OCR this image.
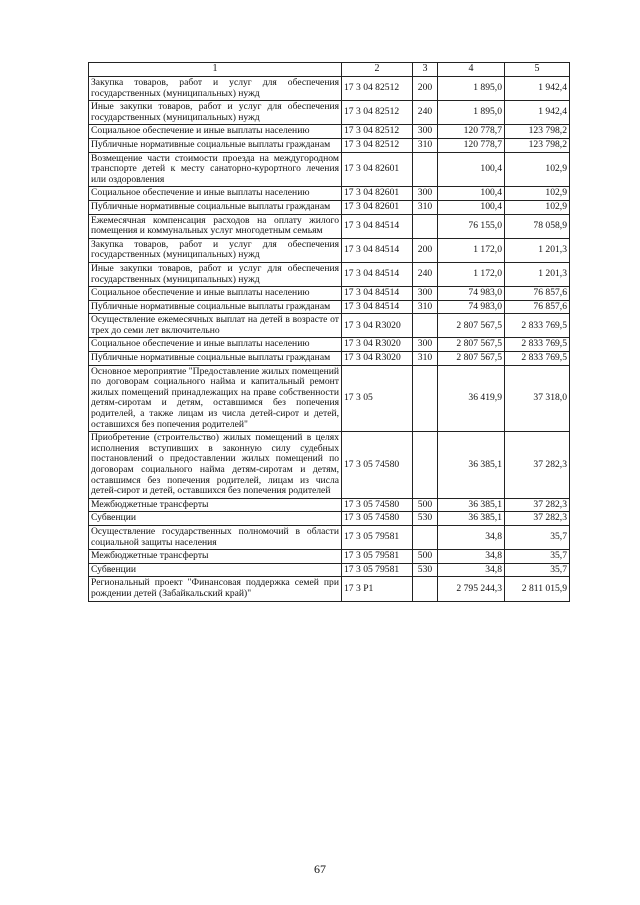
1	2	3	4	5
Закупка товаров, работ и услуг для обеспечения государственных (муниципальных) нужд	17 3 04 82512	200	1 895,0	1 942,4
Иные закупки товаров, работ и услуг для обеспечения государственных (муниципальных) нужд	17 3 04 82512	240	1 895,0	1 942,4
Социальное обеспечение и иные выплаты населению	17 3 04 82512	300	120 778,7	123 798,2
Публичные нормативные социальные выплаты гражданам	17 3 04 82512	310	120 778,7	123 798,2
Возмещение части стоимости проезда на междугородном транспорте детей к месту санаторно-курортного лечения или оздоровления	17 3 04 82601		100,4	102,9
Социальное обеспечение и иные выплаты населению	17 3 04 82601	300	100,4	102,9
Публичные нормативные социальные выплаты гражданам	17 3 04 82601	310	100,4	102,9
Ежемесячная компенсация расходов на оплату жилого помещения и коммунальных услуг многодетным семьям	17 3 04 84514		76 155,0	78 058,9
Закупка товаров, работ и услуг для обеспечения государственных (муниципальных) нужд	17 3 04 84514	200	1 172,0	1 201,3
Иные закупки товаров, работ и услуг для обеспечения государственных (муниципальных) нужд	17 3 04 84514	240	1 172,0	1 201,3
Социальное обеспечение и иные выплаты населению	17 3 04 84514	300	74 983,0	76 857,6
Публичные нормативные социальные выплаты гражданам	17 3 04 84514	310	74 983,0	76 857,6
Осуществление ежемесячных выплат на детей в возрасте от трех до семи лет включительно	17 3 04 R3020		2 807 567,5	2 833 769,5
Социальное обеспечение и иные выплаты населению	17 3 04 R3020	300	2 807 567,5	2 833 769,5
Публичные нормативные социальные выплаты гражданам	17 3 04 R3020	310	2 807 567,5	2 833 769,5
Основное мероприятие "Предоставление жилых помещений по договорам социального найма и капитальный ремонт жилых помещений принадлежащих на праве собственности детям-сиротам и детям, оставшимся без попечения родителей, а также лицам из числа детей-сирот и детей, оставшихся без попечения родителей"	17 3 05		36 419,9	37 318,0
Приобретение (строительство) жилых помещений в целях исполнения вступивших в законную силу судебных постановлений о предоставлении жилых помещений по договорам социального найма детям-сиротам и детям, оставшимся без попечения родителей, лицам из числа детей-сирот и детей, оставшихся без попечения родителей	17 3 05 74580		36 385,1	37 282,3
Межбюджетные трансферты	17 3 05 74580	500	36 385,1	37 282,3
Субвенции	17 3 05 74580	530	36 385,1	37 282,3
Осуществление государственных полномочий в области социальной защиты населения	17 3 05 79581		34,8	35,7
Межбюджетные трансферты	17 3 05 79581	500	34,8	35,7
Субвенции	17 3 05 79581	530	34,8	35,7
Региональный проект "Финансовая поддержка семей при рождении детей (Забайкальский край)"	17 3 P1		2 795 244,3	2 811 015,9
67
